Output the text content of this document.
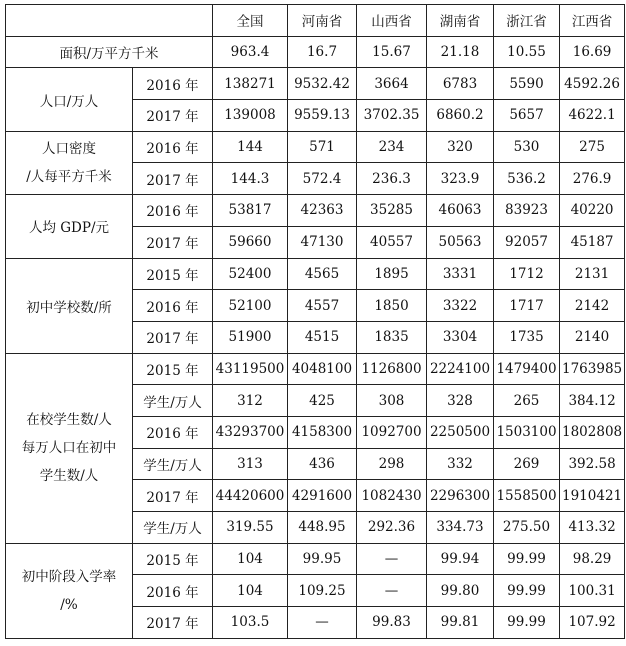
		全国	河南省	山西省	湖南省	浙江省	江西省
面积/万平方千米		963.4	16.7	15.67	21.18	10.55	16.69
人口/万人	2016 年	138271	9532.42	3664	6783	5590	4592.26
	2017 年	139008	9559.13	3702.35	6860.2	5657	4622.1
人口密度
/人每平方千米	2016 年	144	571	234	320	530	275
	2017 年	144.3	572.4	236.3	323.9	536.2	276.9
人均 GDP/元	2016 年	53817	42363	35285	46063	83923	40220
	2017 年	59660	47130	40557	50563	92057	45187
初中学校数/所	2015 年	52400	4565	1895	3331	1712	2131
	2016 年	52100	4557	1850	3322	1717	2142
	2017 年	51900	4515	1835	3304	1735	2140
在校学生数/人
每万人口在初中
学生数/人	2015 年	43119500	4048100	1126800	2224100	1479400	1763985
	学生/万人	312	425	308	328	265	384.12
	2016 年	43293700	4158300	1092700	2250500	1503100	1802808
	学生/万人	313	436	298	332	269	392.58
	2017 年	44420600	4291600	1082430	2296300	1558500	1910421
	学生/万人	319.55	448.95	292.36	334.73	275.50	413.32
初中阶段入学率
/%	2015 年	104	99.95	—	99.94	99.99	98.29
	2016 年	104	109.25	—	99.80	99.99	100.31
	2017 年	103.5	—	99.83	99.81	99.99	107.92
